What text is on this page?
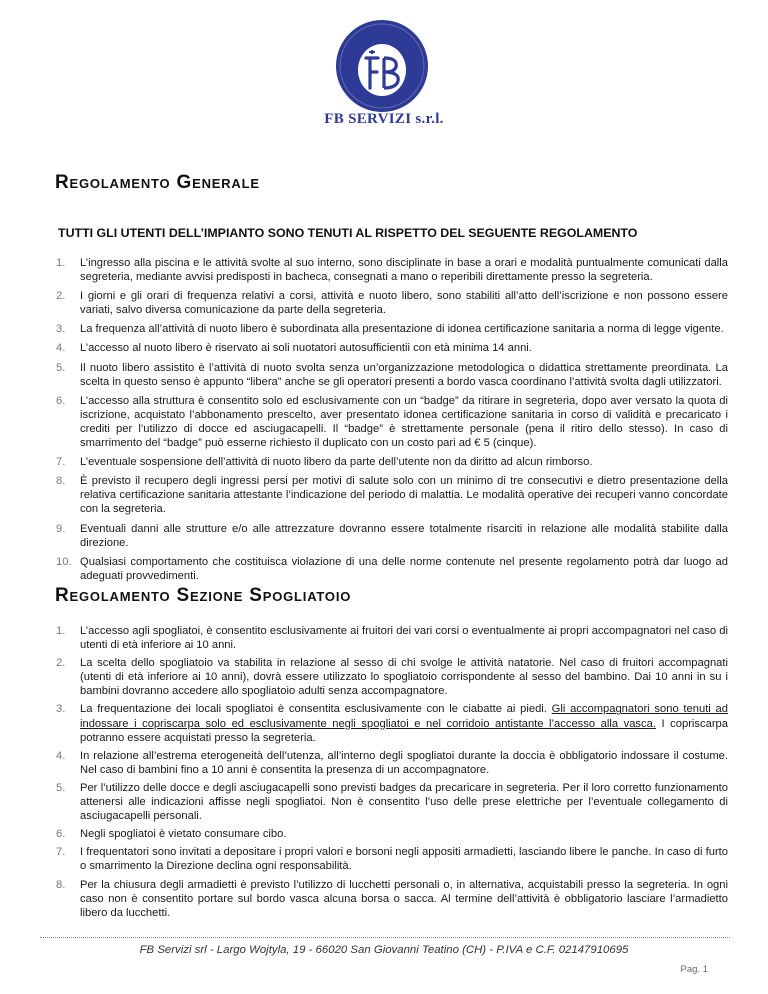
FB SERVIZI s.r.l.
Regolamento Generale

TUTTI GLI UTENTI DELL’IMPIANTO SONO TENUTI AL RISPETTO DEL SEGUENTE REGOLAMENTO

1. L’ingresso alla piscina e le attività svolte al suo interno, sono disciplinate in base a orari e modalità puntualmente comunicati dalla segreteria, mediante avvisi predisposti in bacheca, consegnati a mano o reperibili direttamente presso la segreteria.
2. I giorni e gli orari di frequenza relativi a corsi, attività e nuoto libero, sono stabiliti all’atto dell’iscrizione e non possono essere variati, salvo diversa comunicazione da parte della segreteria.
3. La frequenza all’attività di nuoto libero è subordinata alla presentazione di idonea certificazione sanitaria a norma di legge vigente.
4. L’accesso al nuoto libero è riservato ai soli nuotatori autosufficientii con età minima 14 anni.
5. Il nuoto libero assistito è l’attività di nuoto svolta senza un’organizzazione metodologica o didattica strettamente preordinata. La scelta in questo senso è appunto “libera” anche se gli operatori presenti a bordo vasca coordinano l’attività svolta dagli utilizzatori.
6. L’accesso alla struttura è consentito solo ed esclusivamente con un “badge” da ritirare in segreteria, dopo aver versato la quota di iscrizione, acquistato l’abbonamento prescelto, aver presentato idonea certificazione sanitaria in corso di validità e precaricato i crediti per l’utilizzo di docce ed asciugacapelli. Il “badge” è strettamente personale (pena il ritiro dello stesso). In caso di smarrimento del “badge” può esserne richiesto il duplicato con un costo pari ad € 5 (cinque).
7. L’eventuale sospensione dell’attività di nuoto libero da parte dell’utente non da diritto ad alcun rimborso.
8. È previsto il recupero degli ingressi persi per motivi di salute solo con un minimo di tre consecutivi e dietro presentazione della relativa certificazione sanitaria attestante l’indicazione del periodo di malattia. Le modalità operative dei recuperi vanno concordate con la segreteria.
9. Eventuali danni alle strutture e/o alle attrezzature dovranno essere totalmente risarciti in relazione alle modalità stabilite dalla direzione.
10. Qualsiasi comportamento che costituisca violazione di una delle norme contenute nel presente regolamento potrà dar luogo ad adeguati provvedimenti.
Regolamento Sezione Spogliatoio
1. L’accesso agli spogliatoi, è consentito esclusivamente ai fruitori dei vari corsi o eventualmente ai propri accompagnatori nel caso di utenti di età inferiore ai 10 anni.
2. La scelta dello spogliatoio va stabilita in relazione al sesso di chi svolge le attività natatorie. Nel caso di fruitori accompagnati (utenti di età inferiore ai 10 anni), dovrà essere utilizzato lo spogliatoio corrispondente al sesso del bambino. Dai 10 anni in su i bambini dovranno accedere allo spogliatoio adulti senza accompagnatore.
3. La frequentazione dei locali spogliatoi è consentita esclusivamente con le ciabatte ai piedi. Gli accompagnatori sono tenuti ad indossare i copriscarpa solo ed esclusivamente negli spogliatoi e nel corridoio antistante l’accesso alla vasca. I copriscarpa potranno essere acquistati presso la segreteria.
4. In relazione all’estrema eterogeneità dell’utenza, all’interno degli spogliatoi durante la doccia è obbligatorio indossare il costume. Nel caso di bambini fino a 10 anni è consentita la presenza di un accompagnatore.
5. Per l’utilizzo delle docce e degli asciugacapelli sono previsti badges da precaricare in segreteria. Per il loro corretto funzionamento attenersi alle indicazioni affisse negli spogliatoi. Non è consentito l’uso delle prese elettriche per l’eventuale collegamento di asciugacapelli personali.
6. Negli spogliatoi è vietato consumare cibo.
7. I frequentatori sono invitati a depositare i propri valori e borsoni negli appositi armadietti, lasciando libere le panche. In caso di furto o smarrimento la Direzione declina ogni responsabilità.
8. Per la chiusura degli armadietti è previsto l’utilizzo di lucchetti personali o, in alternativa, acquistabili presso la segreteria. In ogni caso non è consentito portare sul bordo vasca alcuna borsa o sacca. Al termine dell’attività è obbligatorio lasciare l’armadietto libero da lucchetti.
FB Servizi srl - Largo Wojtyla, 19 - 66020 San Giovanni Teatino (CH) - P.IVA e C.F. 02147910695
Pag. 1
